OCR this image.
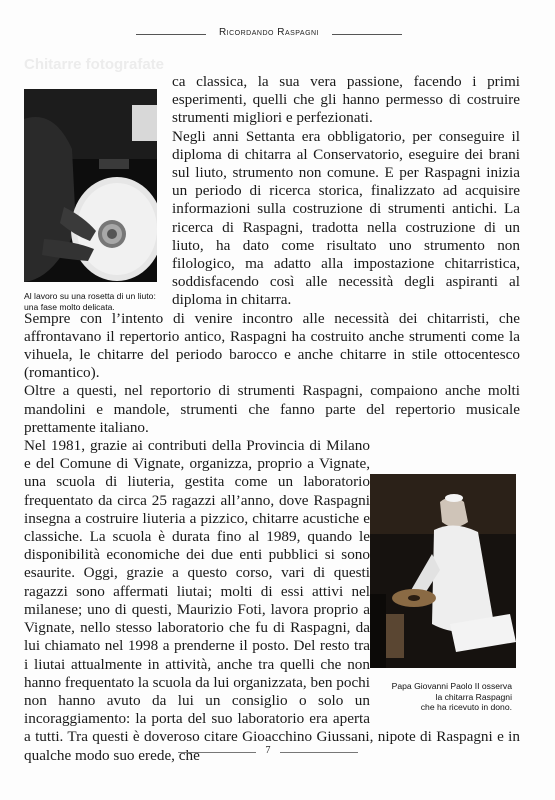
Ricordando Raspagni
Chitarre fotografate
Al lavoro su una rosetta di un liuto: una fase molto delicata.
Papa Giovanni Paolo II osserva
la chitarra Raspagni
che ha ricevuto in dono.

ca classica, la sua vera passione, facendo i primi esperimenti, quelli che gli hanno permesso di costruire strumenti migliori e perfezionati.

Negli anni Settanta era obbligatorio, per conseguire il diploma di chitarra al Conservatorio, eseguire dei brani sul liuto, strumento non comune. E per Raspagni inizia un periodo di ricerca storica, finalizzato ad acquisire informazioni sulla costruzione di strumenti antichi. La ricerca di Raspagni, tradotta nella costruzione di un liuto, ha dato come risultato uno strumento non filologico, ma adatto alla impostazione chitarristica, soddisfacendo così alle necessità degli aspiranti al diploma in chitarra.

Sempre con l’intento di venire incontro alle necessità dei chitarristi, che affrontavano il repertorio antico, Raspagni ha costruito anche strumenti come la vihuela, le chitarre del periodo barocco e anche chitarre in stile ottocentesco (romantico).

Oltre a questi, nel reportorio di strumenti Raspagni, compaiono anche molti mandolini e mandole, strumenti che fanno parte del repertorio musicale prettamente italiano.

Nel 1981, grazie ai contributi della Provincia di Milano e del Comune di Vignate, organizza, proprio a Vignate, una scuola di liuteria, gestita come un laboratorio frequentato da circa 25 ragazzi all’anno, dove Raspagni insegna a costruire liuteria a pizzico, chitarre acustiche e classiche. La scuola è durata fino al 1989, quando le disponibilità economiche dei due enti pubblici si sono esaurite. Oggi, grazie a questo corso, vari di questi ragazzi sono affermati liutai; molti di essi attivi nel milanese; uno di questi, Maurizio Foti, lavora proprio a Vignate, nello stesso laboratorio che fu di Raspagni, da lui chiamato nel 1998 a prenderne il posto. Del resto tra i liutai attualmente in attività, anche tra quelli che non hanno frequentato la scuola da lui organizzata, ben pochi non hanno avuto da lui un consiglio o solo un incoraggiamento: la porta del suo laboratorio era aperta a tutti. Tra questi è doveroso citare Gioacchino Giussani, nipote di Raspagni e in qualche modo suo erede, che	7
